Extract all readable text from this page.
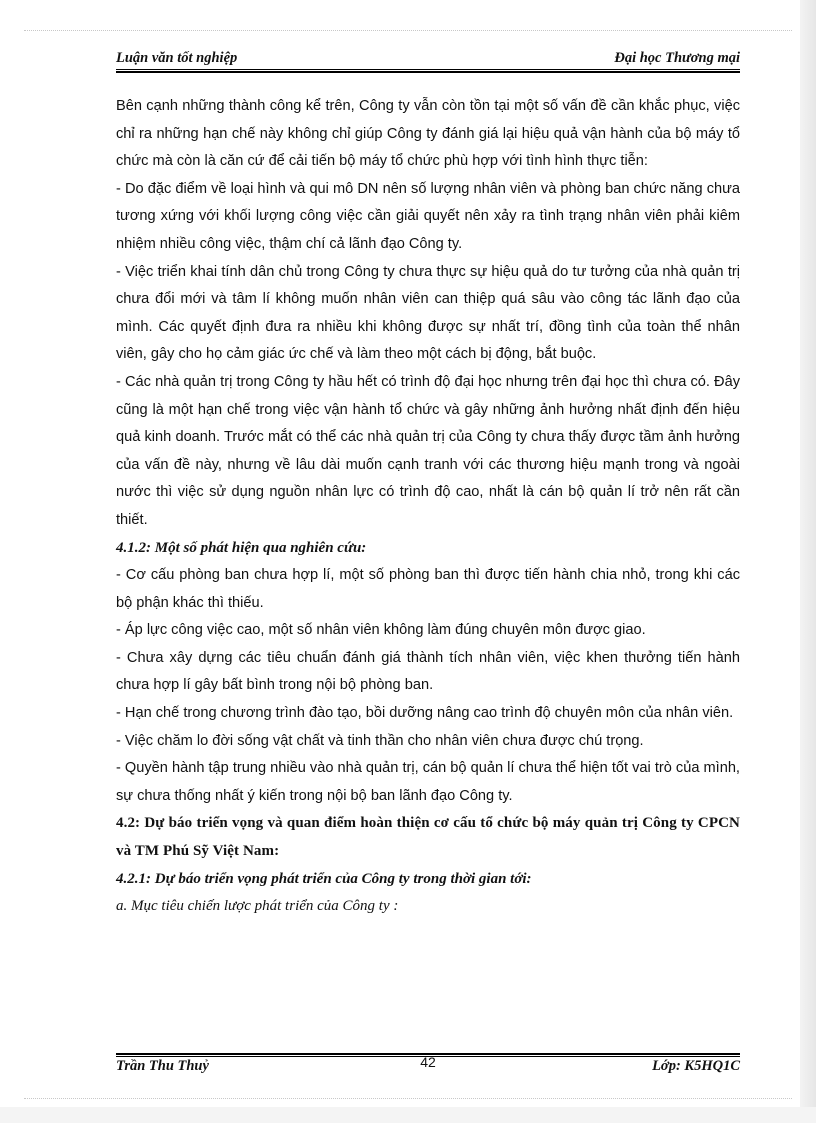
Luận văn tốt nghiệp	Đại học Thương mại

Bên cạnh những thành công kể trên, Công ty vẫn còn tồn tại một số vấn đề cần khắc phục, việc chỉ ra những hạn chế này không chỉ giúp Công ty đánh giá lại hiệu quả vận hành của bộ máy tổ chức mà còn là căn cứ để cải tiến bộ máy tổ chức phù hợp với tình hình thực tiễn:

- Do đặc điểm về loại hình và qui mô DN nên số lượng nhân viên và phòng ban chức năng chưa tương xứng với khối lượng công việc cần giải quyết nên xảy ra tình trạng nhân viên phải kiêm nhiệm nhiều công việc, thậm chí cả lãnh đạo Công ty.

- Việc triển khai tính dân chủ trong Công ty chưa thực sự hiệu quả do tư tưởng của nhà quản trị chưa đổi mới và tâm lí không muốn nhân viên can thiệp quá sâu vào công tác lãnh đạo của mình. Các quyết định đưa ra nhiều khi không được sự nhất trí, đồng tình của toàn thể nhân viên, gây cho họ cảm giác ức chế và làm theo một cách bị động, bắt buộc.

- Các nhà quản trị trong Công ty hầu hết có trình độ đại học nhưng trên đại học thì chưa có. Đây cũng là một hạn chế trong việc vận hành tổ chức và gây những ảnh hưởng nhất định đến hiệu quả kinh doanh. Trước mắt có thể các nhà quản trị của Công ty chưa thấy được tầm ảnh hưởng của vấn đề này, nhưng về lâu dài muốn cạnh tranh với các thương hiệu mạnh trong và ngoài nước thì việc sử dụng nguồn nhân lực có trình độ cao, nhất là cán bộ quản lí trở nên rất cần thiết.

4.1.2: Một số phát hiện qua nghiên cứu:

- Cơ cấu phòng ban chưa hợp lí, một số phòng ban thì được tiến hành chia nhỏ, trong khi các bộ phận khác thì thiếu.

- Áp lực công việc cao, một số nhân viên không làm đúng chuyên môn được giao.

- Chưa xây dựng các tiêu chuẩn đánh giá thành tích nhân viên, việc khen thưởng tiến hành chưa hợp lí gây bất bình trong nội bộ phòng ban.

- Hạn chế trong chương trình đào tạo, bồi dưỡng nâng cao trình độ chuyên môn của nhân viên.

- Việc chăm lo đời sống vật chất và tinh thần cho nhân viên chưa được chú trọng.

- Quyền hành tập trung nhiều vào nhà quản trị, cán bộ quản lí chưa thể hiện tốt vai trò của mình, sự chưa thống nhất ý kiến trong nội bộ ban lãnh đạo Công ty.

4.2: Dự báo triển vọng và quan điểm hoàn thiện cơ cấu tổ chức bộ máy quản trị Công ty CPCN và TM Phú Sỹ Việt Nam:

4.2.1: Dự báo triển vọng phát triển của Công ty trong thời gian tới:

a. Mục tiêu chiến lược phát triển của Công ty :

Trần Thu Thuỷ	42	Lớp: K5HQ1C
